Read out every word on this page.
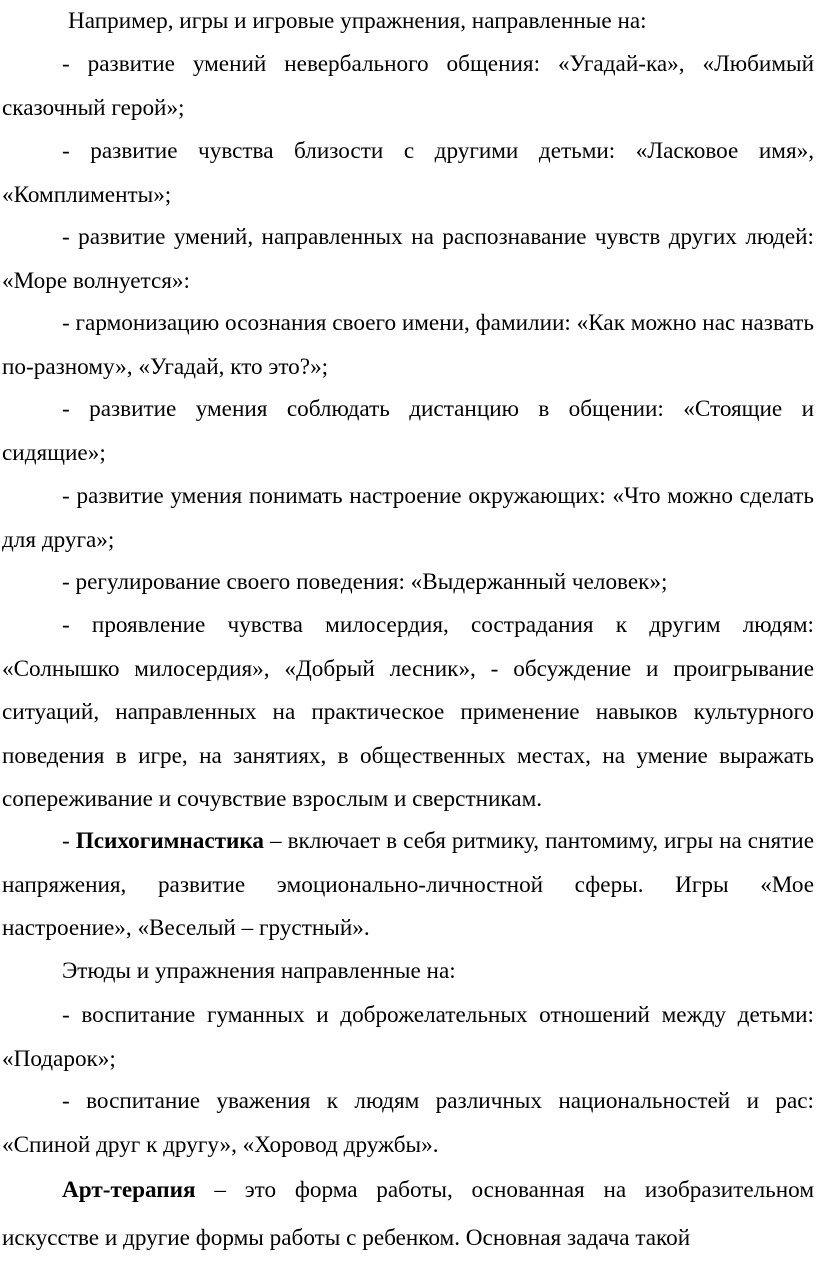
Например, игры и игровые упражнения, направленные на:

- развитие умений невербального общения: «Угадай-ка», «Любимый сказочный герой»;

- развитие чувства близости с другими детьми: «Ласковое имя», «Комплименты»;

- развитие умений, направленных на распознавание чувств других людей: «Море волнуется»:

- гармонизацию осознания своего имени, фамилии: «Как можно нас назвать по-разному», «Угадай, кто это?»;

- развитие умения соблюдать дистанцию в общении: «Стоящие и сидящие»;

- развитие умения понимать настроение окружающих: «Что можно сделать для друга»;

- регулирование своего поведения: «Выдержанный человек»;

- проявление чувства милосердия, сострадания к другим людям: «Солнышко милосердия», «Добрый лесник», - обсуждение и проигрывание ситуаций, направленных на практическое применение навыков культурного поведения в игре, на занятиях, в общественных местах, на умение выражать сопереживание и сочувствие взрослым и сверстникам.

- Психогимнастика – включает в себя ритмику, пантомиму, игры на снятие напряжения, развитие эмоционально-личностной сферы. Игры «Мое настроение», «Веселый – грустный».

Этюды и упражнения направленные на:

- воспитание гуманных и доброжелательных отношений между детьми: «Подарок»;

- воспитание уважения к людям различных национальностей и рас: «Спиной друг к другу», «Хоровод дружбы».

Арт-терапия – это форма работы, основанная на изобразительном искусстве и другие формы работы с ребенком. Основная задача такой
